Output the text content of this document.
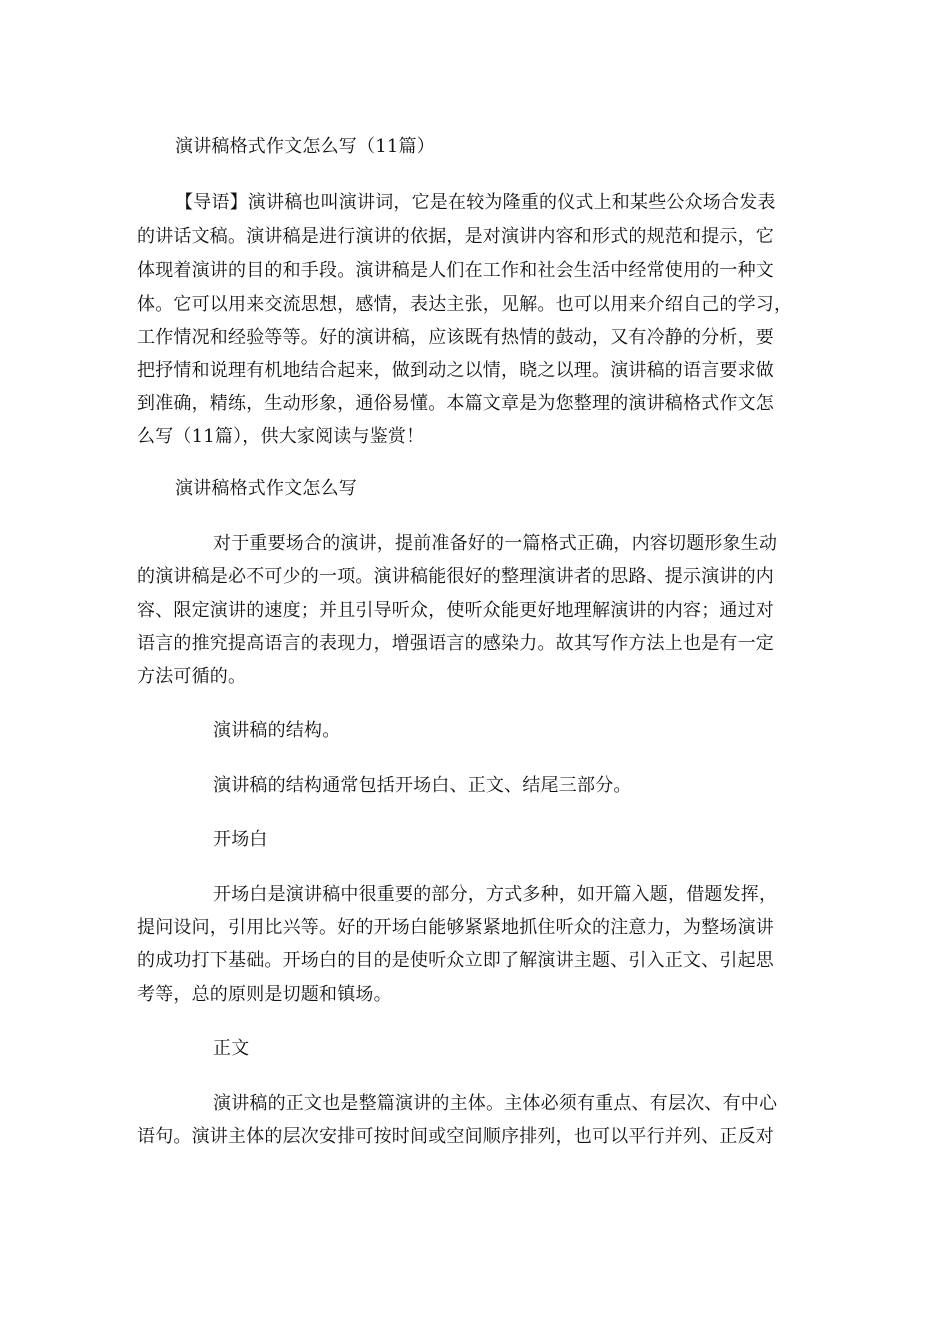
演讲稿格式作文怎么写（11篇）

【导语】演讲稿也叫演讲词，它是在较为隆重的仪式上和某些公众场合发表

的讲话文稿。演讲稿是进行演讲的依据，是对演讲内容和形式的规范和提示，它

体现着演讲的目的和手段。演讲稿是人们在工作和社会生活中经常使用的一种文

体。它可以用来交流思想，感情，表达主张，见解。也可以用来介绍自己的学习，

工作情况和经验等等。好的演讲稿，应该既有热情的鼓动，又有冷静的分析，要

把抒情和说理有机地结合起来，做到动之以情，晓之以理。演讲稿的语言要求做

到准确，精练，生动形象，通俗易懂。本篇文章是为您整理的演讲稿格式作文怎

么写（11篇），供大家阅读与鉴赏！

演讲稿格式作文怎么写

对于重要场合的演讲，提前准备好的一篇格式正确，内容切题形象生动

的演讲稿是必不可少的一项。演讲稿能很好的整理演讲者的思路、提示演讲的内

容、限定演讲的速度；并且引导听众，使听众能更好地理解演讲的内容；通过对

语言的推究提高语言的表现力，增强语言的感染力。故其写作方法上也是有一定

方法可循的。

演讲稿的结构。

演讲稿的结构通常包括开场白、正文、结尾三部分。

开场白

开场白是演讲稿中很重要的部分，方式多种，如开篇入题，借题发挥，

提问设问，引用比兴等。好的开场白能够紧紧地抓住听众的注意力，为整场演讲

的成功打下基础。开场白的目的是使听众立即了解演讲主题、引入正文、引起思

考等，总的原则是切题和镇场。

正文

演讲稿的正文也是整篇演讲的主体。主体必须有重点、有层次、有中心

语句。演讲主体的层次安排可按时间或空间顺序排列，也可以平行并列、正反对
